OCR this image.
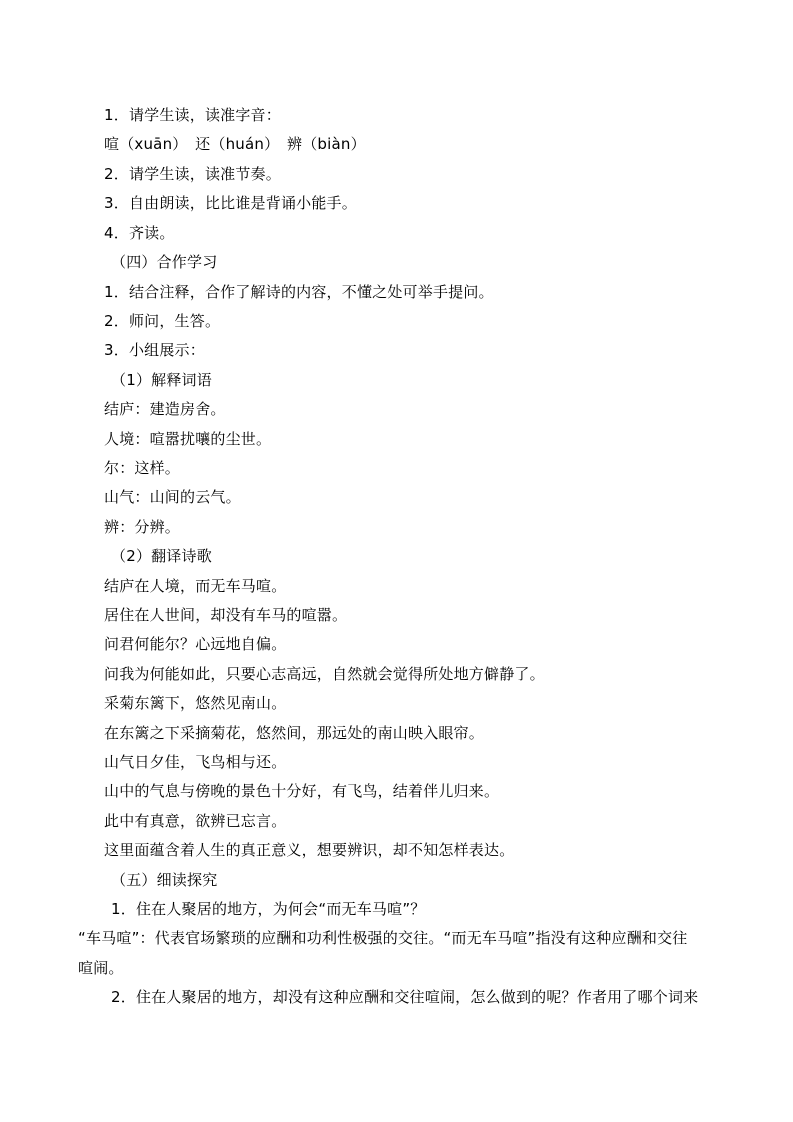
1．请学生读，读准字音：
喧（xuān）　还（huán）　辨（biàn）
2．请学生读，读准节奏。
3．自由朗读，比比谁是背诵小能手。
4．齐读。
（四）合作学习
1．结合注释，合作了解诗的内容，不懂之处可举手提问。
2．师问，生答。
3．小组展示：
（1）解释词语
结庐：建造房舍。
人境：喧嚣扰嚷的尘世。
尔：这样。
山气：山间的云气。
辨：分辨。
（2）翻译诗歌
结庐在人境，而无车马喧。
居住在人世间，却没有车马的喧嚣。
问君何能尔？心远地自偏。
问我为何能如此，只要心志高远，自然就会觉得所处地方僻静了。
采菊东篱下，悠然见南山。
在东篱之下采摘菊花，悠然间，那远处的南山映入眼帘。
山气日夕佳，飞鸟相与还。
山中的气息与傍晚的景色十分好，有飞鸟，结着伴儿归来。
此中有真意，欲辨已忘言。
这里面蕴含着人生的真正意义，想要辨识，却不知怎样表达。
（五）细读探究
1．住在人聚居的地方，为何会“而无车马喧”？
“车马喧”：代表官场繁琐的应酬和功利性极强的交往。“而无车马喧”指没有这种应酬和交往
喧闹。
2．住在人聚居的地方，却没有这种应酬和交往喧闹，怎么做到的呢？作者用了哪个词来
